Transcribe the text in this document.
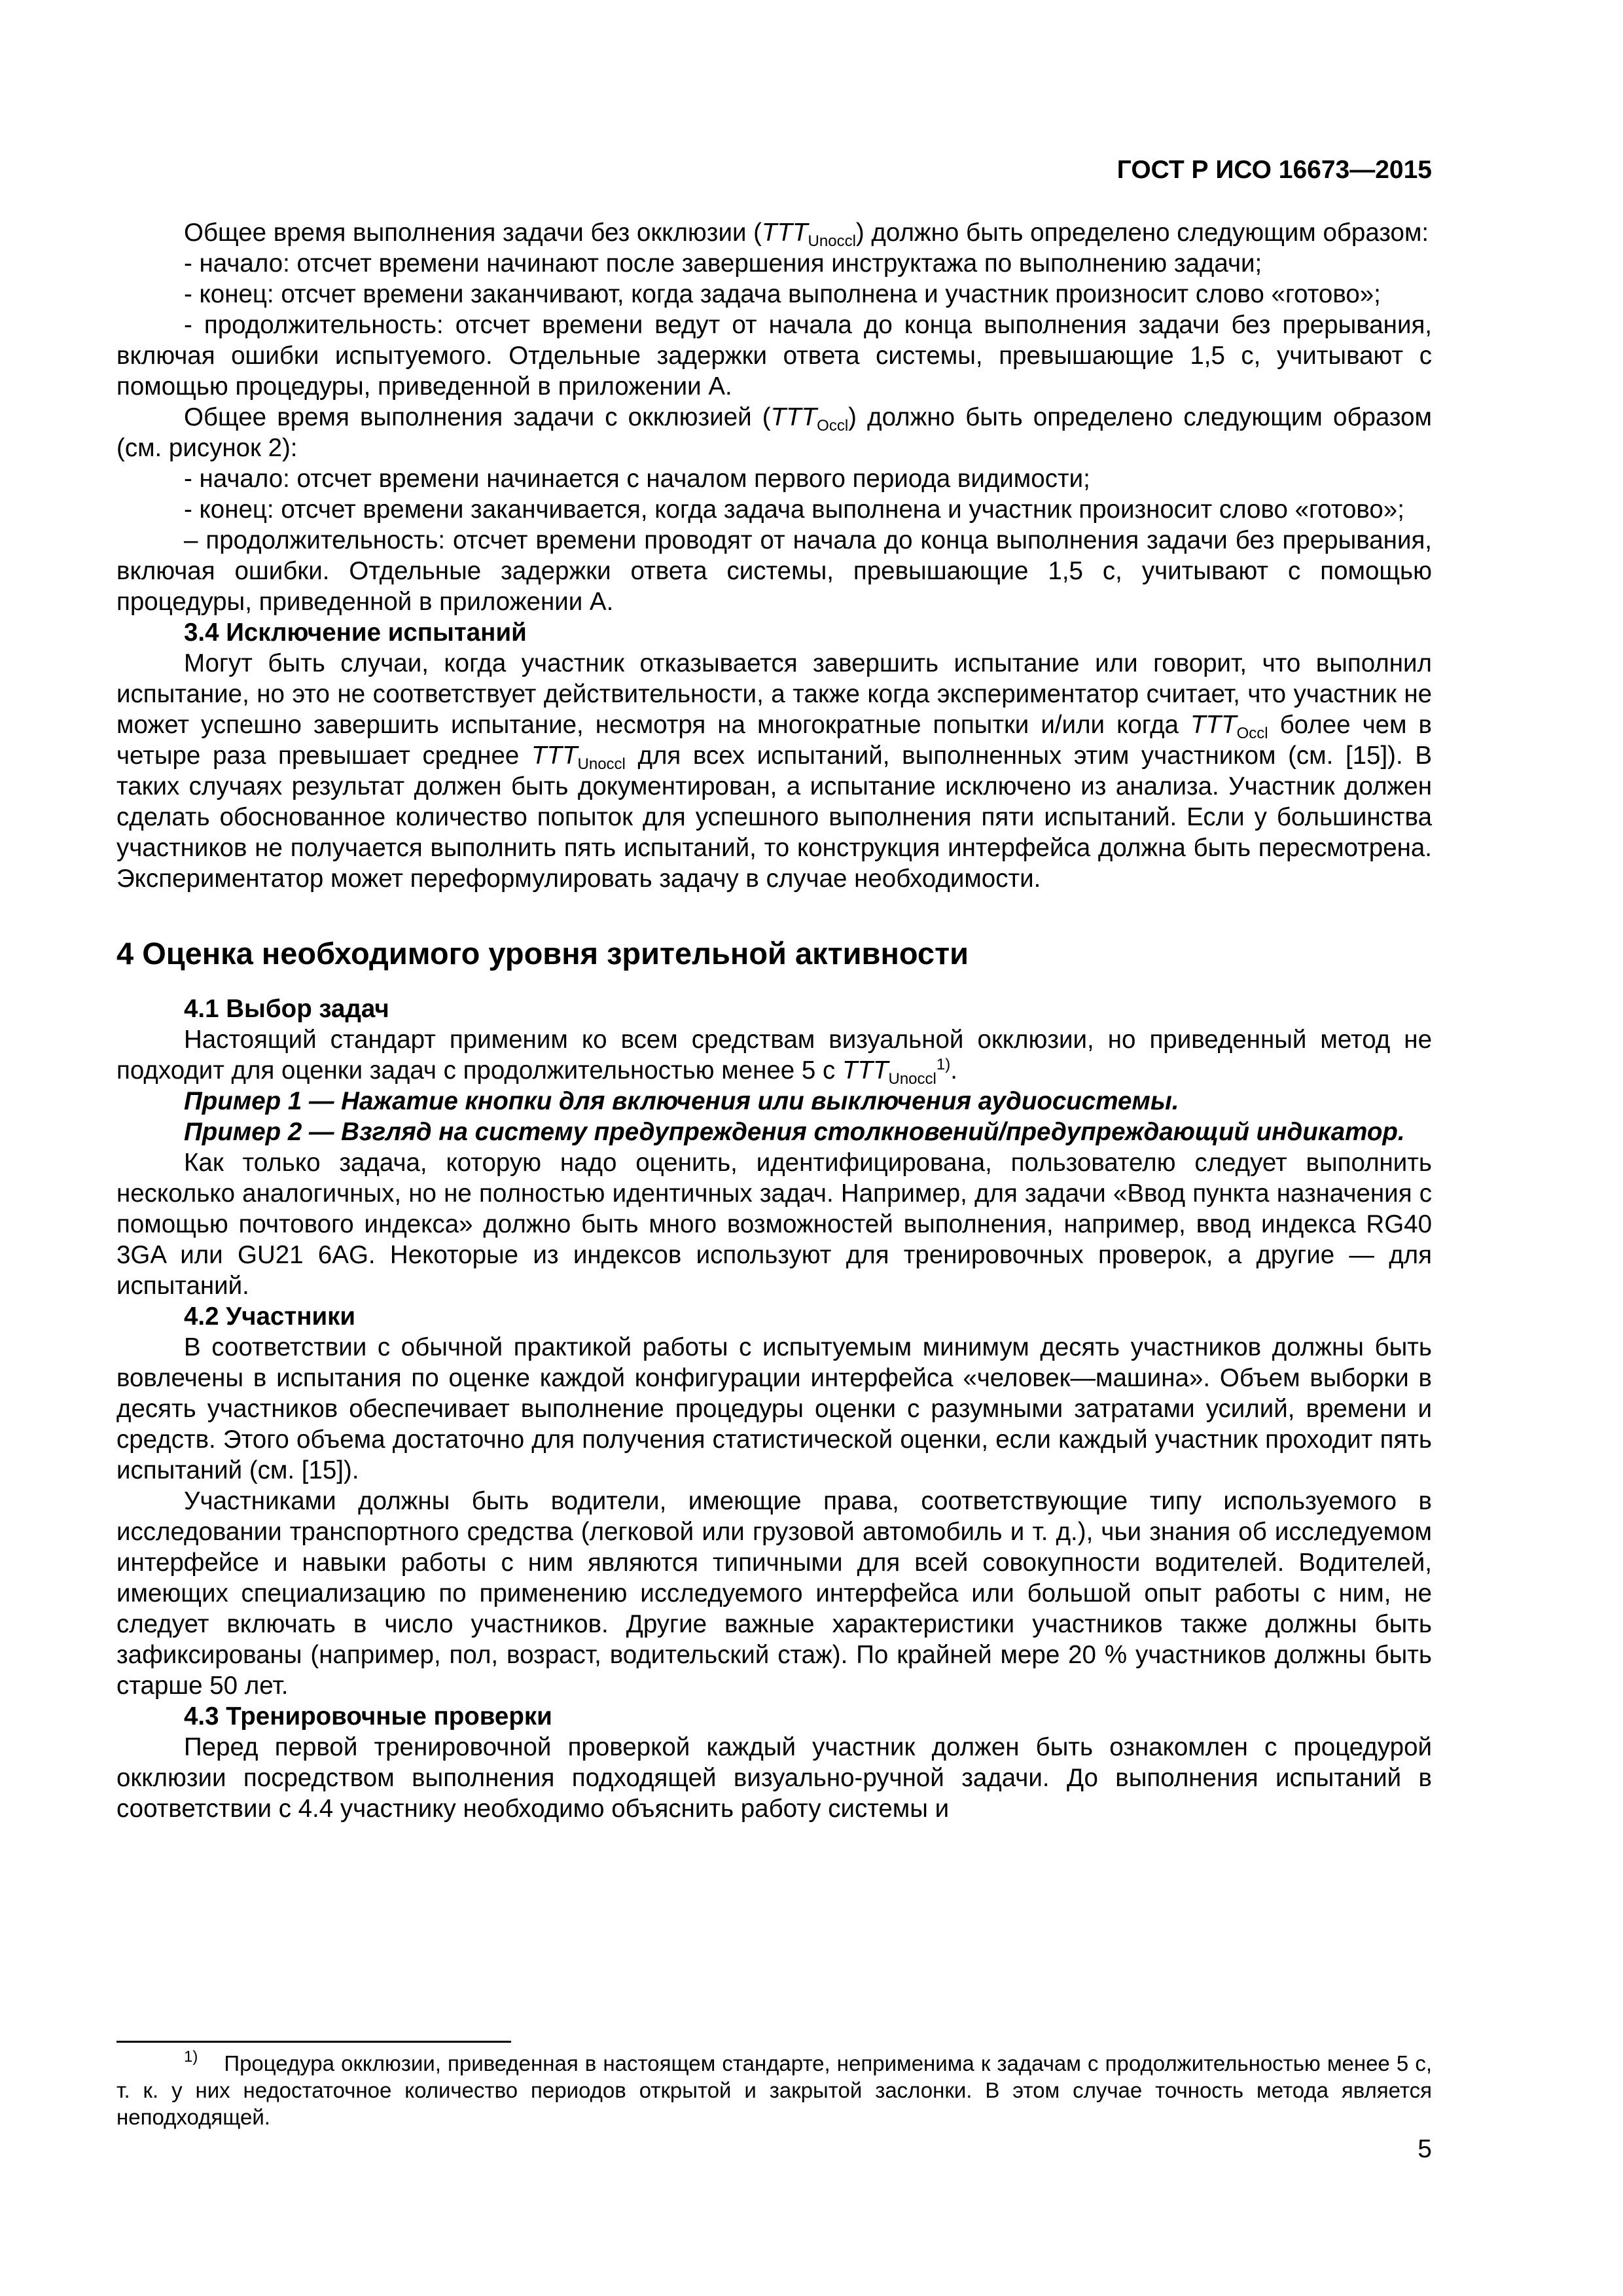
ГОСТ Р ИСО 16673—2015

Общее время выполнения задачи без окклюзии $(TTT_{Unoccl})$ должно быть определено следующим образом:

- начало: отсчет времени начинают после завершения инструктажа по выполнению задачи;

- конец: отсчет времени заканчивают, когда задача выполнена и участник произносит слово «готово»;

- продолжительность: отсчет времени ведут от начала до конца выполнения задачи без прерывания, включая ошибки испытуемого. Отдельные задержки ответа системы, превышающие 1,5 с, учитывают с помощью процедуры, приведенной в приложении А.

Общее время выполнения задачи с окклюзией $(TTT_{Occl})$ должно быть определено следующим образом (см. рисунок 2):

- начало: отсчет времени начинается с началом первого периода видимости;

- конец: отсчет времени заканчивается, когда задача выполнена и участник произносит слово «готово»;

– продолжительность: отсчет времени проводят от начала до конца выполнения задачи без прерывания, включая ошибки. Отдельные задержки ответа системы, превышающие 1,5 с, учитывают с помощью процедуры, приведенной в приложении А.

3.4 Исключение испытаний

Могут быть случаи, когда участник отказывается завершить испытание или говорит, что выполнил испытание, но это не соответствует действительности, а также когда экспериментатор считает, что участник не может успешно завершить испытание, несмотря на многократные попытки и/или когда $TTT_{Occl}$ более чем в четыре раза превышает среднее $TTT_{Unoccl}$ для всех испытаний, выполненных этим участником (см. [15]). В таких случаях результат должен быть документирован, а испытание исключено из анализа. Участник должен сделать обоснованное количество попыток для успешного выполнения пяти испытаний. Если у большинства участников не получается выполнить пять испытаний, то конструкция интерфейса должна быть пересмотрена. Экспериментатор может переформулировать задачу в случае необходимости.

4 Оценка необходимого уровня зрительной активности

4.1 Выбор задач

Настоящий стандарт применим ко всем средствам визуальной окклюзии, но приведенный метод не подходит для оценки задач с продолжительностью менее 5 с $TTT_{Unoccl}^{1)}$.

Пример 1 — Нажатие кнопки для включения или выключения аудиосистемы.

Пример 2 — Взгляд на систему предупреждения столкновений/предупреждающий индикатор.

Как только задача, которую надо оценить, идентифицирована, пользователю следует выполнить несколько аналогичных, но не полностью идентичных задач. Например, для задачи «Ввод пункта назначения с помощью почтового индекса» должно быть много возможностей выполнения, например, ввод индекса RG40 3GA или GU21 6AG. Некоторые из индексов используют для тренировочных проверок, а другие — для испытаний.

4.2 Участники

В соответствии с обычной практикой работы с испытуемым минимум десять участников должны быть вовлечены в испытания по оценке каждой конфигурации интерфейса «человек—машина». Объем выборки в десять участников обеспечивает выполнение процедуры оценки с разумными затратами усилий, времени и средств. Этого объема достаточно для получения статистической оценки, если каждый участник проходит пять испытаний (см. [15]).

Участниками должны быть водители, имеющие права, соответствующие типу используемого в исследовании транспортного средства (легковой или грузовой автомобиль и т. д.), чьи знания об исследуемом интерфейсе и навыки работы с ним являются типичными для всей совокупности водителей. Водителей, имеющих специализацию по применению исследуемого интерфейса или большой опыт работы с ним, не следует включать в число участников. Другие важные характеристики участников также должны быть зафиксированы (например, пол, возраст, водительский стаж). По крайней мере 20 % участников должны быть старше 50 лет.

4.3 Тренировочные проверки

Перед первой тренировочной проверкой каждый участник должен быть ознакомлен с процедурой окклюзии посредством выполнения подходящей визуально-ручной задачи. До выполнения испытаний в соответствии с 4.4 участнику необходимо объяснить работу системы и

$^{1)}$ Процедура окклюзии, приведенная в настоящем стандарте, неприменима к задачам с продолжительностью менее 5 с, т. к. у них недостаточное количество периодов открытой и закрытой заслонки. В этом случае точность метода является неподходящей.
5
